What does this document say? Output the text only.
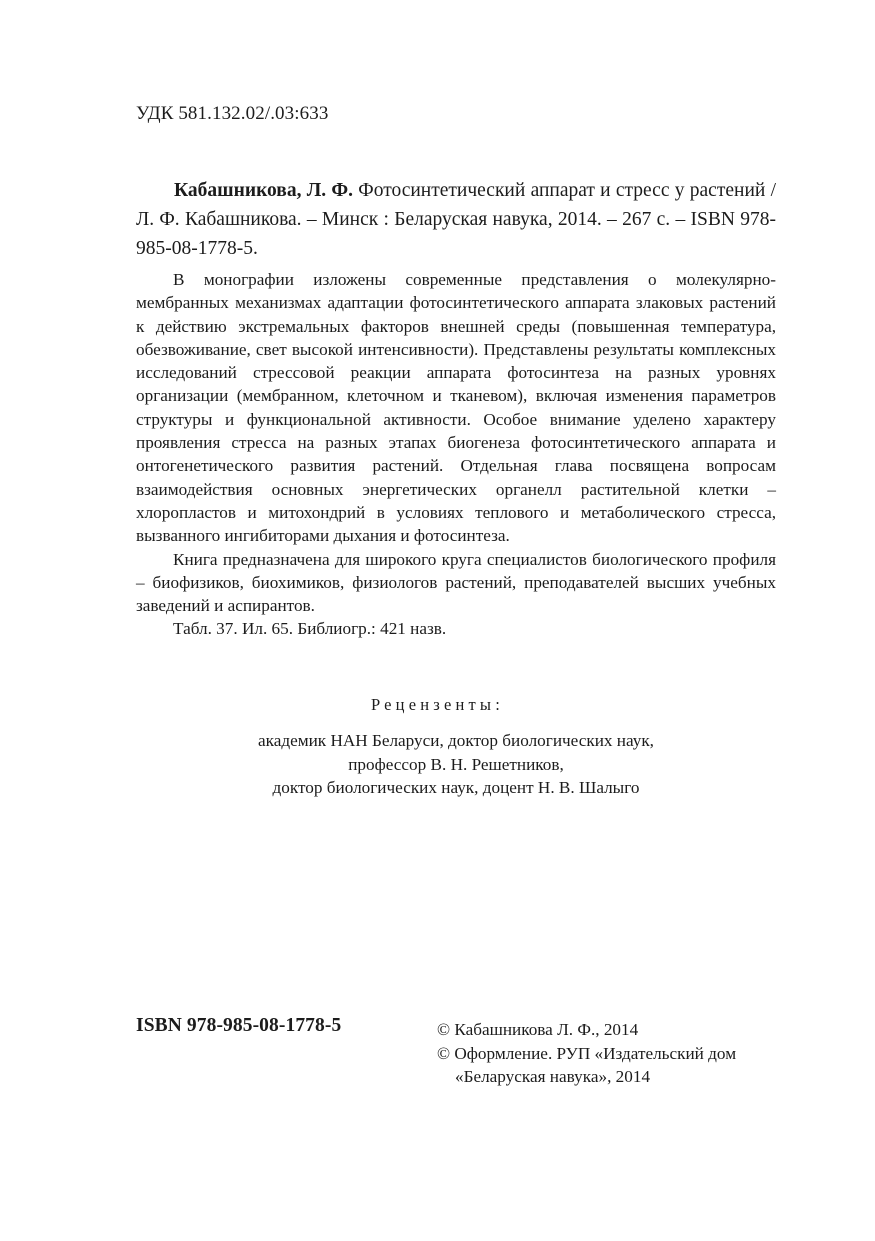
УДК 581.132.02/.03:633
Кабашникова, Л. Ф. Фотосинтетический аппарат и стресс у растений / Л. Ф. Кабашникова. – Минск : Беларуская навука, 2014. – 267 с. – ISBN 978-985-08-1778-5.

В монографии изложены современные представления о молекулярно-мембранных механизмах адаптации фотосинтетического аппарата злаковых растений к действию экстремальных факторов внешней среды (повышенная температура, обезвоживание, свет высокой интенсивности). Представлены результаты комплексных исследований стрессовой реакции аппарата фотосинтеза на разных уровнях организации (мембранном, клеточном и тканевом), включая изменения параметров структуры и функциональной активности. Особое внимание уделено характеру проявления стресса на разных этапах биогенеза фотосинтетического аппарата и онтогенетического развития растений. Отдельная глава посвящена вопросам взаимодействия основных энергетических органелл растительной клетки – хлоропластов и митохондрий в условиях теплового и метаболического стресса, вызванного ингибиторами дыхания и фотосинтеза.

Книга предназначена для широкого круга специалистов биологического профиля – биофизиков, биохимиков, физиологов растений, преподавателей высших учебных заведений и аспирантов.

Табл. 37. Ил. 65. Библиогр.: 421 назв.

Рецензенты:
академик НАН Беларуси, доктор биологических наук,
профессор В. Н. Решетников,
доктор биологических наук, доцент Н. В. Шалыго
ISBN 978-985-08-1778-5	© Кабашникова Л. Ф., 2014
© Оформление. РУП «Издательский дом
«Беларуская навука», 2014
